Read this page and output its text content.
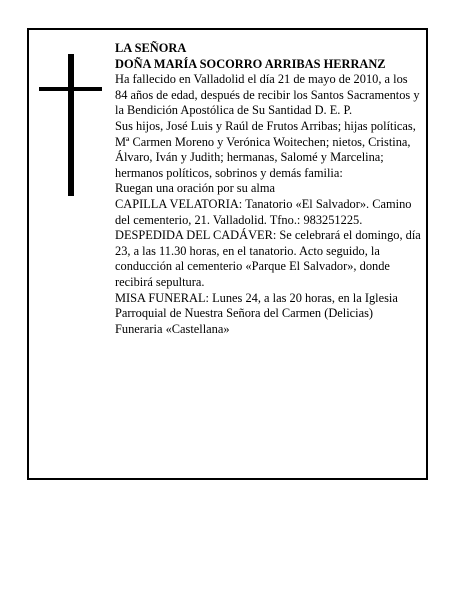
LA SEÑORA

DOÑA MARÍA SOCORRO ARRIBAS HERRANZ

Ha fallecido en Valladolid el día 21 de mayo de 2010, a los 84 años de edad, después de recibir los Santos Sacramentos y la Bendición Apostólica de Su Santidad D. E. P.

Sus hijos, José Luis y Raúl de Frutos Arribas; hijas políticas, Mª Carmen Moreno y Verónica Woitechen; nietos, Cristina, Álvaro, Iván y Judith; hermanas, Salomé y Marcelina; hermanos políticos, sobrinos y demás familia:

Ruegan una oración por su alma

CAPILLA VELATORIA: Tanatorio «El Salvador». Camino del cementerio, 21. Valladolid. Tfno.: 983251225.

DESPEDIDA DEL CADÁVER: Se celebrará el domingo, día 23, a las 11.30 horas, en el tanatorio. Acto seguido, la conducción al cementerio «Parque El Salvador», donde recibirá sepultura.

MISA FUNERAL: Lunes 24, a las 20 horas, en la Iglesia Parroquial de Nuestra Señora del Carmen (Delicias)

Funeraria «Castellana»
